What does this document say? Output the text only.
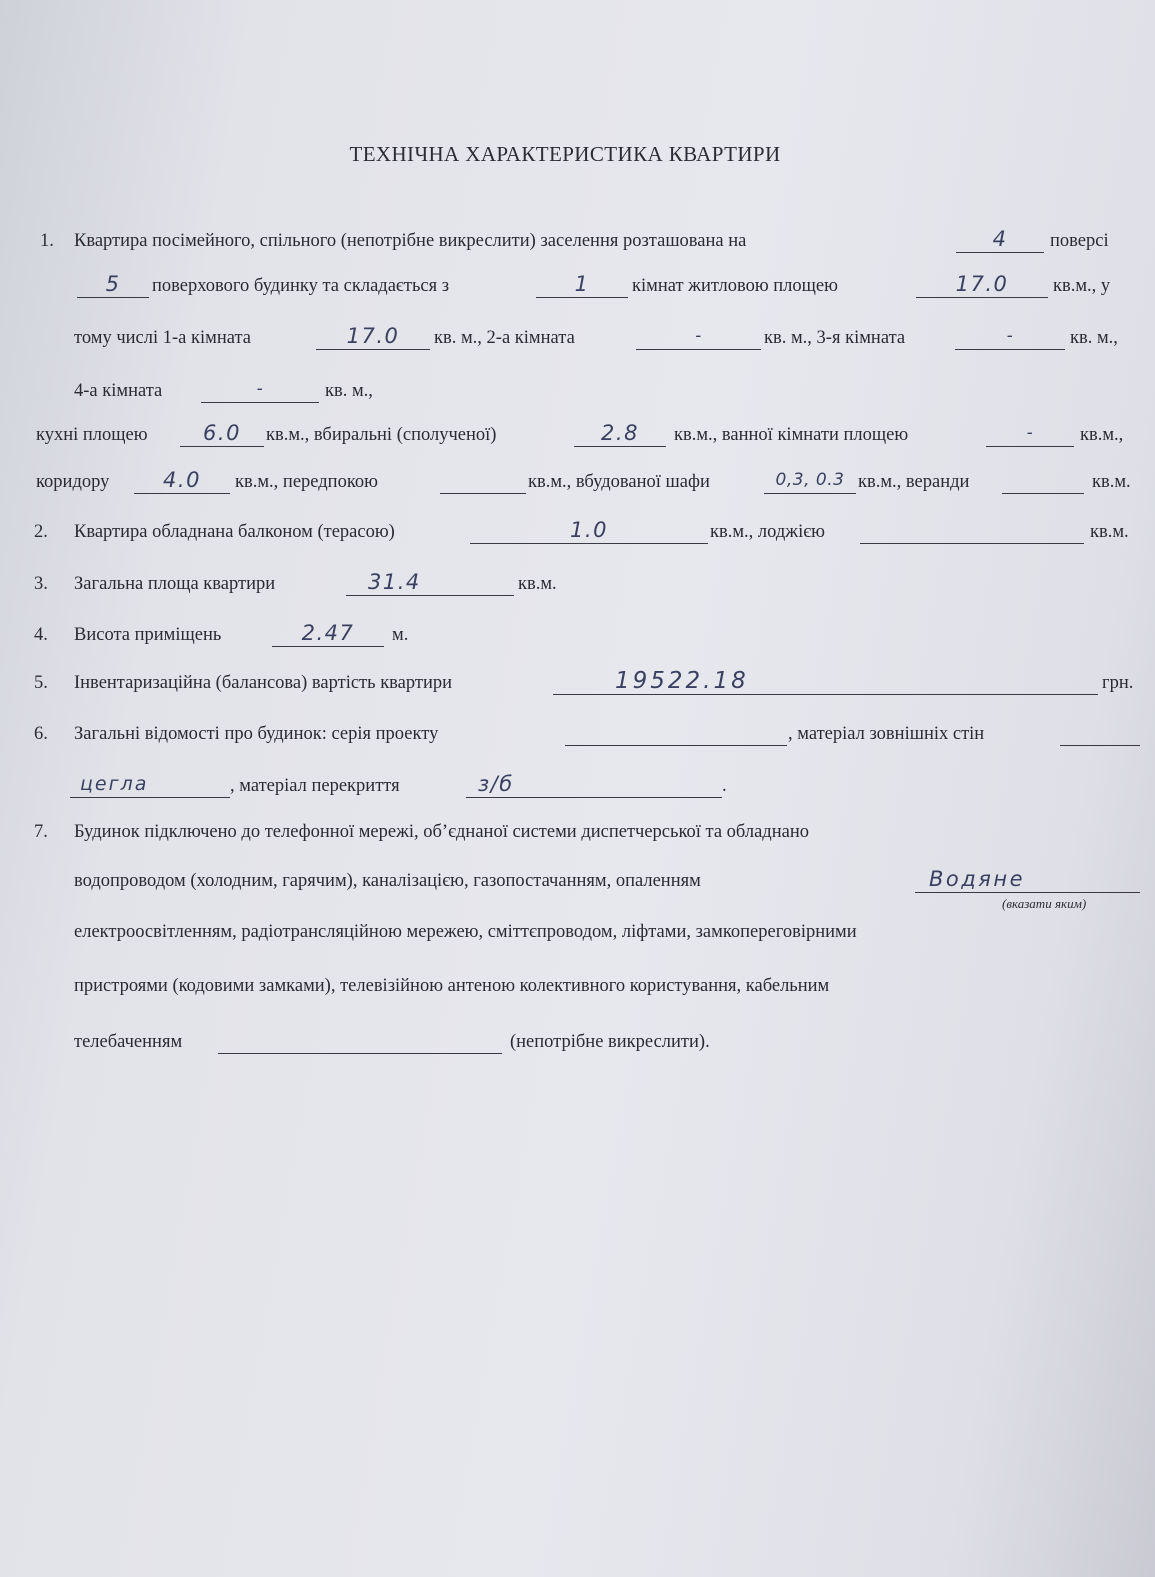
ТЕХНІЧНА ХАРАКТЕРИСТИКА КВАРТИРИ
1. Квартира посімейного, спільного (непотрібне викреслити) заселення розташована на	4	поверсі
5	поверхового будинку та складається з	1	кімнат житловою площею	17.0	кв.м., у
тому числі 1-а кімната	17.0	кв. м., 2-а кімната	-	кв. м., 3-я кімната	-	кв. м.,
4-а кімната	-	кв. м.,
кухні площею	6.0	кв.м., вбиральні (сполученої)	2.8	кв.м., ванної кімнати площею	-	кв.м.,
коридору	4.0	кв.м., передпокою	кв.м., вбудованої шафи	0,3, 0.3 кв.м., веранди	кв.м.
2. Квартира обладнана балконом (терасою)	1.0	кв.м., лоджією	кв.м.
3. Загальна площа квартири	31.4	кв.м.
4. Висота приміщень	2.47	м.
5. Інвентаризаційна (балансова) вартість квартири	19522.18	грн.
6. Загальні відомості про будинок: серія проекту	, матеріал зовнішніх стін
цегла	, матеріал перекриття	з/б	.
7. Будинок підключено до телефонної мережі, об’єднаної системи диспетчерської та обладнано
водопроводом (холодним, гарячим), каналізацією, газопостачанням, опаленням	Водяне
(вказати яким)
електроосвітленням, радіотрансляційною мережею, сміттєпроводом, ліфтами, замкопереговірними
пристроями (кодовими замками), телевізійною антеною колективного користування, кабельним
телебаченням	(непотрібне викреслити).
